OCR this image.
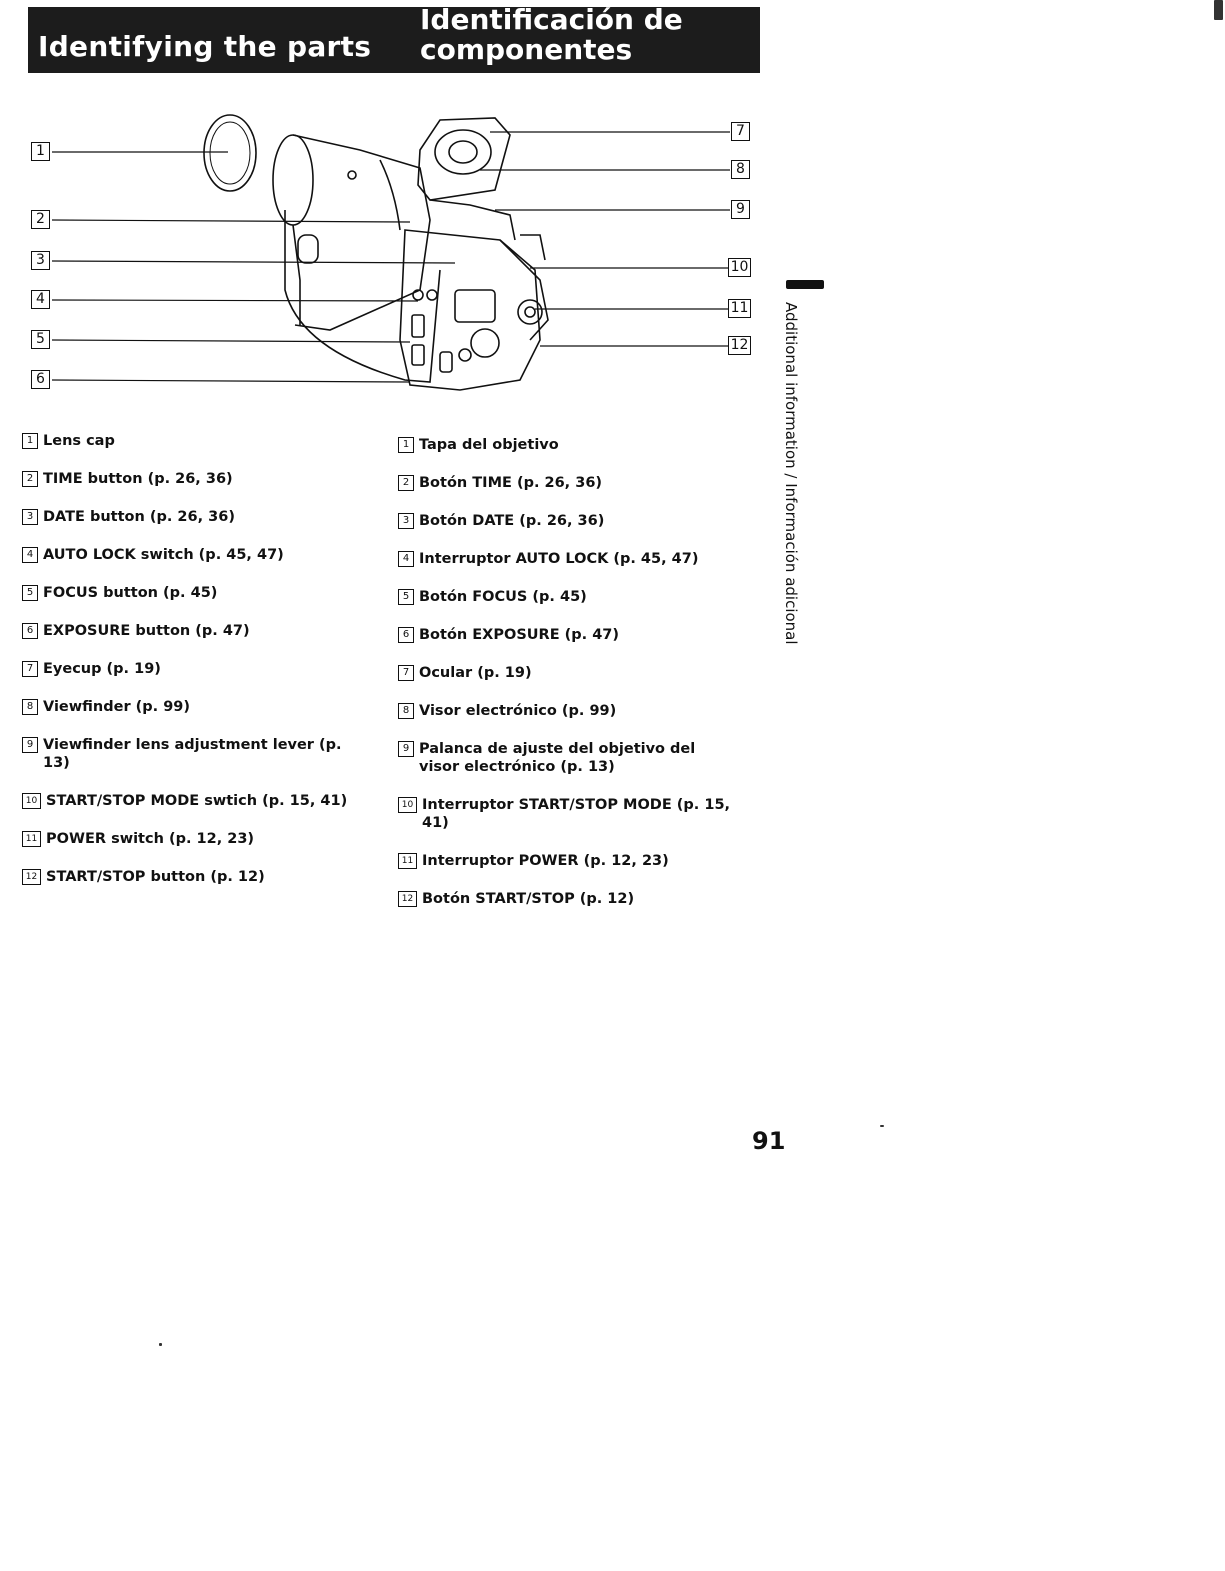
Identifying the parts
Identificación de
componentes
1
2
3
4
5
6
7
8
9
10
11
12
1 Lens cap
2 TIME button (p. 26, 36)
3 DATE button (p. 26, 36)
4 AUTO LOCK switch (p. 45, 47)
5 FOCUS button (p. 45)
6 EXPOSURE button (p. 47)
7 Eyecup (p. 19)
8 Viewfinder (p. 99)
9 Viewfinder lens adjustment lever (p. 13)
10 START/STOP MODE swtich (p. 15, 41)
11 POWER switch (p. 12, 23)
12 START/STOP button (p. 12)
1 Tapa del objetivo
2 Botón TIME (p. 26, 36)
3 Botón DATE (p. 26, 36)
4 Interruptor AUTO LOCK (p. 45, 47)
5 Botón FOCUS (p. 45)
6 Botón EXPOSURE (p. 47)
7 Ocular (p. 19)
8 Visor electrónico (p. 99)
9 Palanca de ajuste del objetivo del visor electrónico (p. 13)
10 Interruptor START/STOP MODE (p. 15, 41)
11 Interruptor POWER (p. 12, 23)
12 Botón START/STOP (p. 12)
Additional information / Información adicional
91
